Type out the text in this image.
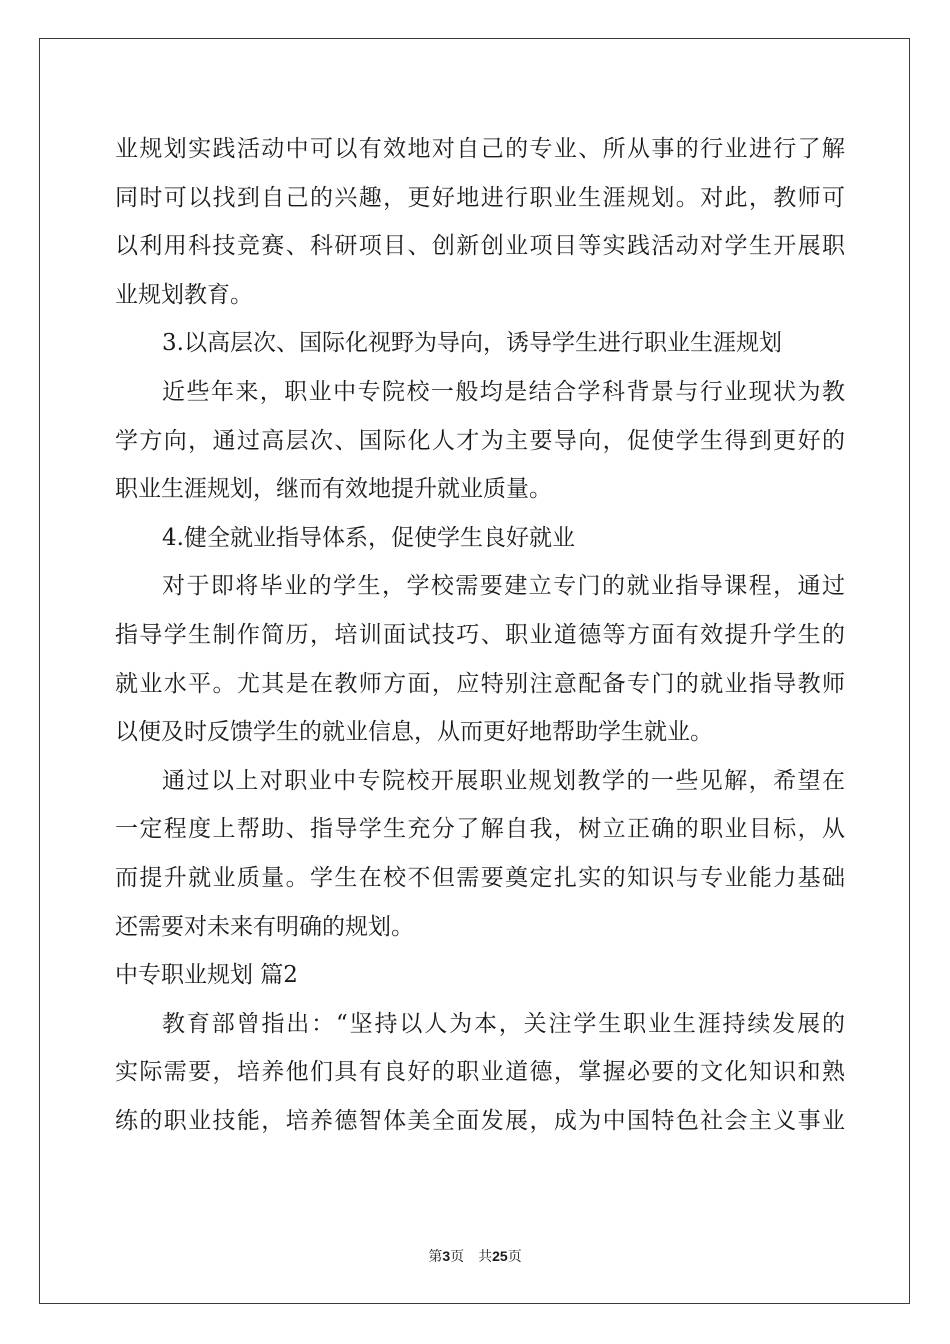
业规划实践活动中可以有效地对自己的专业、所从事的行业进行了解
同时可以找到自己的兴趣，更好地进行职业生涯规划。对此，教师可
以利用科技竞赛、科研项目、创新创业项目等实践活动对学生开展职
业规划教育。
3.以高层次、国际化视野为导向，诱导学生进行职业生涯规划
近些年来，职业中专院校一般均是结合学科背景与行业现状为教
学方向，通过高层次、国际化人才为主要导向，促使学生得到更好的
职业生涯规划，继而有效地提升就业质量。
4.健全就业指导体系，促使学生良好就业
对于即将毕业的学生，学校需要建立专门的就业指导课程，通过
指导学生制作简历，培训面试技巧、职业道德等方面有效提升学生的
就业水平。尤其是在教师方面，应特别注意配备专门的就业指导教师
以便及时反馈学生的就业信息，从而更好地帮助学生就业。
通过以上对职业中专院校开展职业规划教学的一些见解，希望在
一定程度上帮助、指导学生充分了解自我，树立正确的职业目标，从
而提升就业质量。学生在校不但需要奠定扎实的知识与专业能力基础
还需要对未来有明确的规划。
中专职业规划 篇2
教育部曾指出：“坚持以人为本，关注学生职业生涯持续发展的
实际需要，培养他们具有良好的职业道德，掌握必要的文化知识和熟
练的职业技能，培养德智体美全面发展，成为中国特色社会主义事业
第3页 共25页
